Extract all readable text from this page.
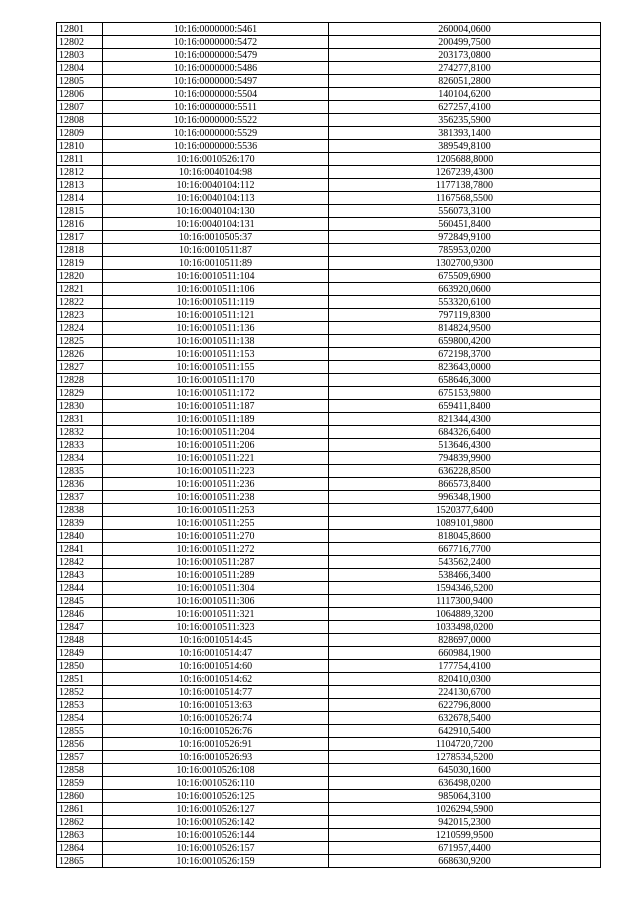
12801	10:16:0000000:5461	260004,0600
12802	10:16:0000000:5472	200499,7500
12803	10:16:0000000:5479	203173,0800
12804	10:16:0000000:5486	274277,8100
12805	10:16:0000000:5497	826051,2800
12806	10:16:0000000:5504	140104,6200
12807	10:16:0000000:5511	627257,4100
12808	10:16:0000000:5522	356235,5900
12809	10:16:0000000:5529	381393,1400
12810	10:16:0000000:5536	389549,8100
12811	10:16:0010526:170	1205688,8000
12812	10:16:0040104:98	1267239,4300
12813	10:16:0040104:112	1177138,7800
12814	10:16:0040104:113	1167568,5500
12815	10:16:0040104:130	556073,3100
12816	10:16:0040104:131	560451,8400
12817	10:16:0010505:37	972849,9100
12818	10:16:0010511:87	785953,0200
12819	10:16:0010511:89	1302700,9300
12820	10:16:0010511:104	675509,6900
12821	10:16:0010511:106	663920,0600
12822	10:16:0010511:119	553320,6100
12823	10:16:0010511:121	797119,8300
12824	10:16:0010511:136	814824,9500
12825	10:16:0010511:138	659800,4200
12826	10:16:0010511:153	672198,3700
12827	10:16:0010511:155	823643,0000
12828	10:16:0010511:170	658646,3000
12829	10:16:0010511:172	675153,9800
12830	10:16:0010511:187	659411,8400
12831	10:16:0010511:189	821344,4300
12832	10:16:0010511:204	684326,6400
12833	10:16:0010511:206	513646,4300
12834	10:16:0010511:221	794839,9900
12835	10:16:0010511:223	636228,8500
12836	10:16:0010511:236	866573,8400
12837	10:16:0010511:238	996348,1900
12838	10:16:0010511:253	1520377,6400
12839	10:16:0010511:255	1089101,9800
12840	10:16:0010511:270	818045,8600
12841	10:16:0010511:272	667716,7700
12842	10:16:0010511:287	543562,2400
12843	10:16:0010511:289	538466,3400
12844	10:16:0010511:304	1594346,5200
12845	10:16:0010511:306	1117300,9400
12846	10:16:0010511:321	1064889,3200
12847	10:16:0010511:323	1033498,0200
12848	10:16:0010514:45	828697,0000
12849	10:16:0010514:47	660984,1900
12850	10:16:0010514:60	177754,4100
12851	10:16:0010514:62	820410,0300
12852	10:16:0010514:77	224130,6700
12853	10:16:0010513:63	622796,8000
12854	10:16:0010526:74	632678,5400
12855	10:16:0010526:76	642910,5400
12856	10:16:0010526:91	1104720,7200
12857	10:16:0010526:93	1278534,5200
12858	10:16:0010526:108	645030,1600
12859	10:16:0010526:110	636498,0200
12860	10:16:0010526:125	985064,3100
12861	10:16:0010526:127	1026294,5900
12862	10:16:0010526:142	942015,2300
12863	10:16:0010526:144	1210599,9500
12864	10:16:0010526:157	671957,4400
12865	10:16:0010526:159	668630,9200
